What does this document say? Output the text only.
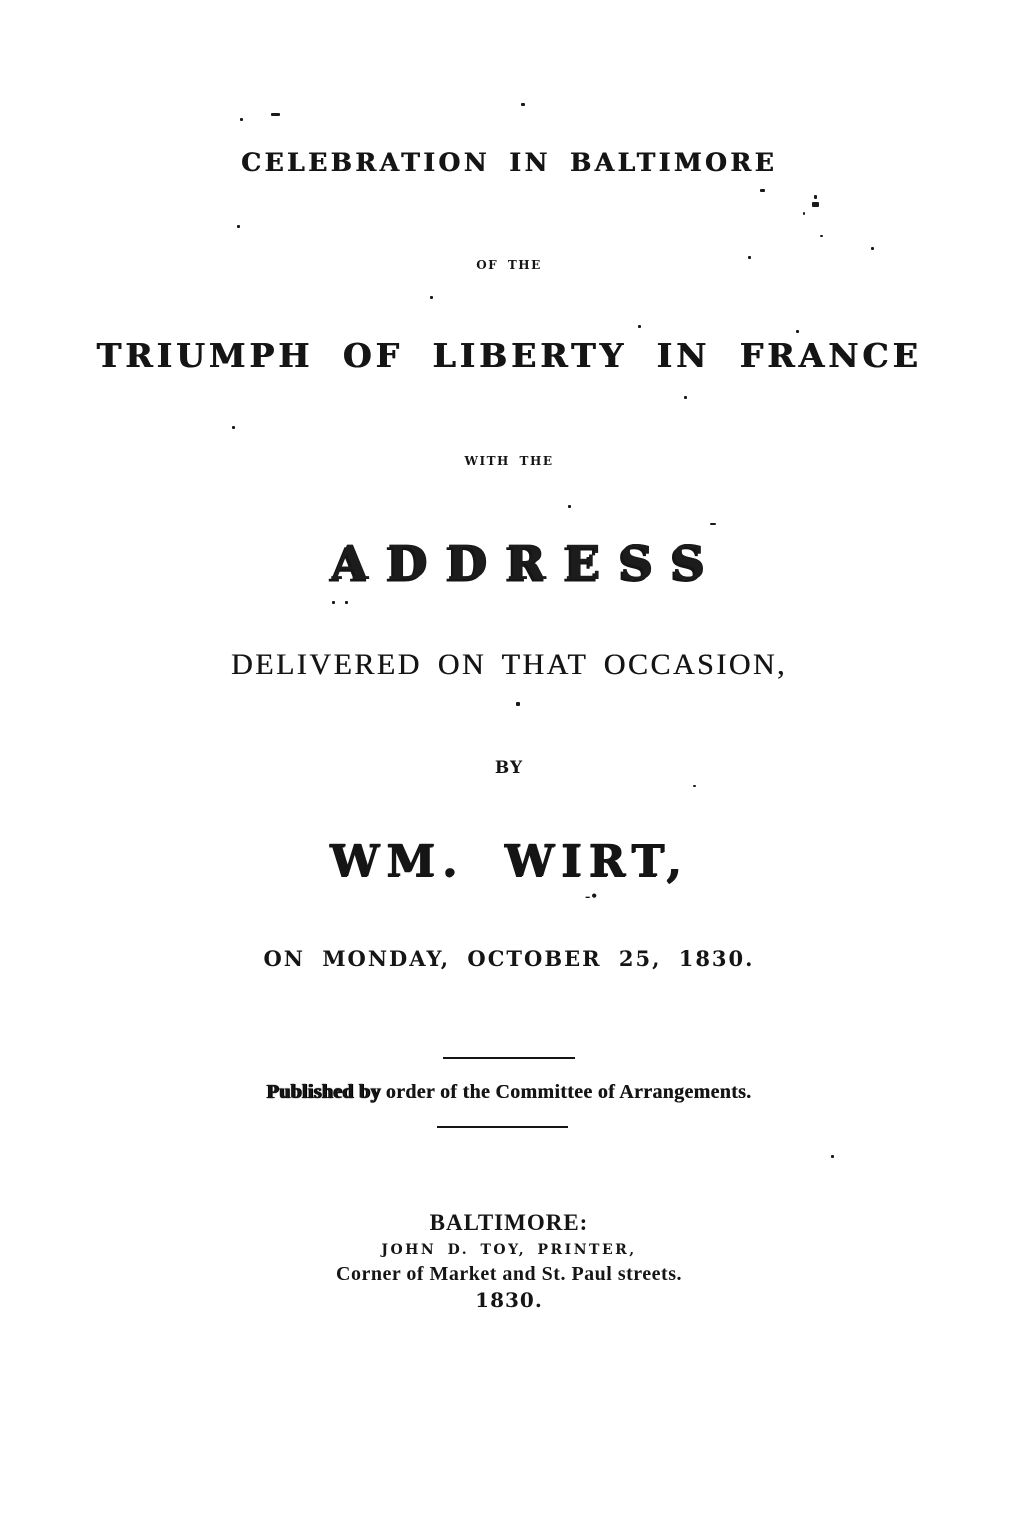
CELEBRATION IN BALTIMORE
OF THE
TRIUMPH OF LIBERTY IN FRANCE
WITH THE
ADDRESS
DELIVERED ON THAT OCCASION,
BY
WM. WIRT,
-•
ON MONDAY, OCTOBER 25, 1830.
Published by order of the Committee of Arrangements.
BALTIMORE:
JOHN D. TOY, PRINTER,
Corner of Market and St. Paul streets.
1830.
